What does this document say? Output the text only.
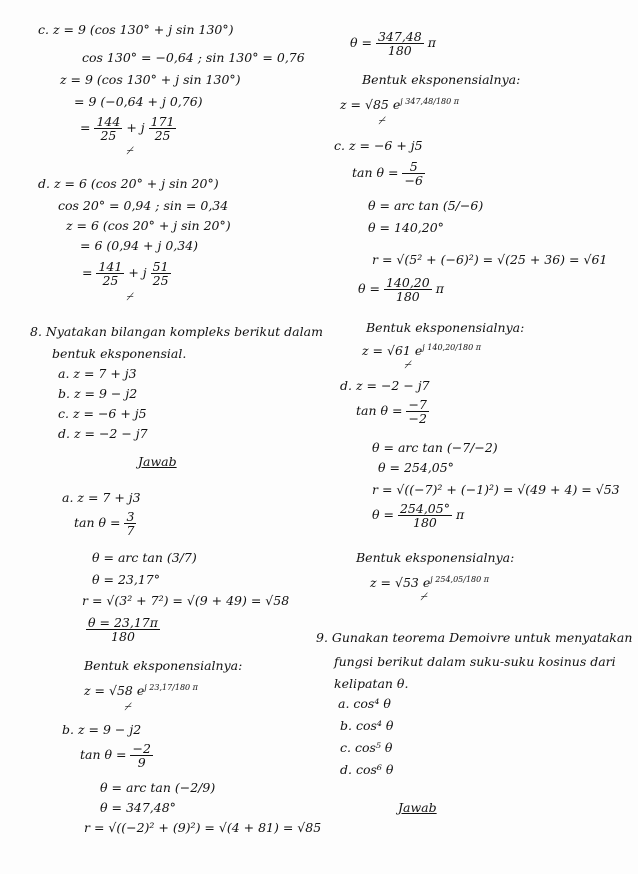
c. z = 9 (cos 130° + j sin 130°)
cos 130° = −0,64 ; sin 130° = 0,76
z = 9 (cos 130° + j sin 130°)
= 9 (−0,64 + j 0,76)
= $\frac{144}{25} + j \frac{171}{25}$
⌿
d. z = 6 (cos 20° + j sin 20°)
cos 20° = 0,94 ; sin = 0,34
z = 6 (cos 20° + j sin 20°)
= 6 (0,94 + j 0,34)
= $\frac{141}{25} + j \frac{51}{25}$
⌿
8. Nyatakan bilangan kompleks berikut dalam
bentuk eksponensial.
a. z = 7 + j3
b. z = 9 − j2
c. z = −6 + j5
d. z = −2 − j7
Jawab
a. z = 7 + j3
$\tan \theta = \frac{3}{7}$
θ = arc tan (3/7)
θ = 23,17°
r = √(3² + 7²) = √(9 + 49) = √58
$\frac{\theta = 23,17\pi}{180}$
Bentuk eksponensialnya:
z = √58 $e^{j 23,17/180 \pi}$
⌿
b. z = 9 − j2
$\tan \theta = \frac{-2}{9}$
θ = arc tan (−2/9)
θ = 347,48°
r = √((−2)² + (9)²) = √(4 + 81) = √85
$\theta = \frac{347,48}{180}$ π
Bentuk eksponensialnya:
z = √85 $e^{j 347,48/180 \pi}$
⌿
c. z = −6 + j5
$\tan \theta = \frac{5}{-6}$
θ = arc tan (5/−6)
θ = 140,20°
r = √(5² + (−6)²) = √(25 + 36) = √61
$\theta = \frac{140,20}{180}$ π
Bentuk eksponensialnya:
z = √61 $e^{j 140,20/180 \pi}$
⌿
d. z = −2 − j7
$\tan \theta = \frac{-7}{-2}$
θ = arc tan (−7/−2)
θ = 254,05°
r = √((−7)² + (−1)²) = √(49 + 4) = √53
$\theta = \frac{254,05^\circ}{180}$ π
Bentuk eksponensialnya:
z = √53 $e^{j 254,05/180 \pi}$
⌿
9. Gunakan teorema Demoivre untuk menyatakan
fungsi berikut dalam suku-suku kosinus dari
kelipatan θ.
a. cos⁴ θ
b. cos⁴ θ
c. cos⁵ θ
d. cos⁶ θ
Jawab
